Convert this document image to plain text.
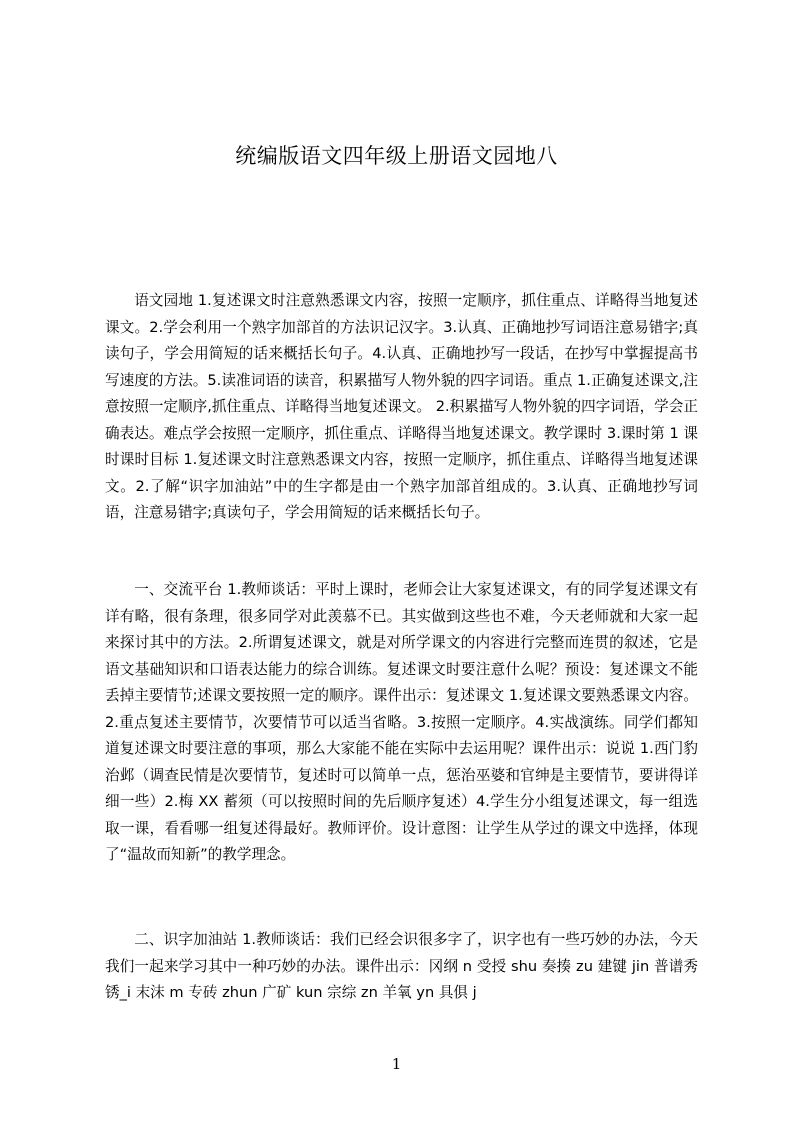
统编版语文四年级上册语文园地八

语文园地 1.复述课文时注意熟悉课文内容，按照一定顺序，抓住重点、详略得当地复述课文。2.学会利用一个熟字加部首的方法识记汉字。3.认真、正确地抄写词语注意易错字;真读句子，学会用简短的话来概括长句子。4.认真、正确地抄写一段话，在抄写中掌握提高书写速度的方法。5.读准词语的读音，积累描写人物外貌的四字词语。重点 1.正确复述课文,注意按照一定顺序,抓住重点、详略得当地复述课文。 2.积累描写人物外貌的四字词语，学会正确表达。难点学会按照一定顺序，抓住重点、详略得当地复述课文。教学课时 3.课时第 1 课时课时目标 1.复述课文时注意熟悉课文内容，按照一定顺序，抓住重点、详略得当地复述课文。2.了解“识字加油站”中的生字都是由一个熟字加部首组成的。3.认真、正确地抄写词语，注意易错字;真读句子，学会用简短的话来概括长句子。

一、交流平台 1.教师谈话：平时上课时，老师会让大家复述课文，有的同学复述课文有详有略，很有条理，很多同学对此羡慕不已。其实做到这些也不难，今天老师就和大家一起来探讨其中的方法。2.所谓复述课文，就是对所学课文的内容进行完整而连贯的叙述，它是语文基础知识和口语表达能力的综合训练。复述课文时要注意什么呢？预设：复述课文不能丢掉主要情节;述课文要按照一定的顺序。课件出示：复述课文 1.复述课文要熟悉课文内容。2.重点复述主要情节，次要情节可以适当省略。3.按照一定顺序。4.实战演练。同学们都知道复述课文时要注意的事项，那么大家能不能在实际中去运用呢？课件出示：说说 1.西门豹治邺（调查民情是次要情节，复述时可以简单一点，惩治巫婆和官绅是主要情节，要讲得详细一些）2.梅 XX 蓄须（可以按照时间的先后顺序复述）4.学生分小组复述课文，每一组选取一课，看看哪一组复述得最好。教师评价。设计意图：让学生从学过的课文中选择，体现了“温故而知新”的教学理念。

二、识字加油站 1.教师谈话：我们已经会识很多字了，识字也有一些巧妙的办法，今天我们一起来学习其中一种巧妙的办法。课件出示：冈纲 n 受授 shu 奏揍 zu 建键 jin 普谱秀锈_i 末沫 m 专砖 zhun 广矿 kun 宗综 zn 羊氧 yn 具俱 j

1
